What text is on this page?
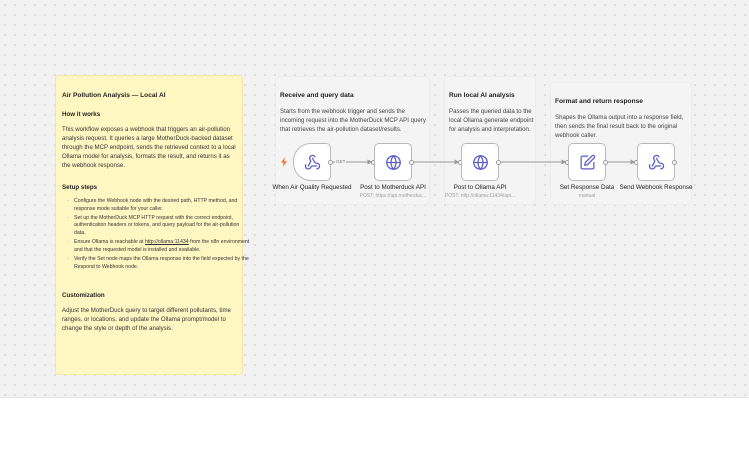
Air Pollution Analysis — Local AI
How it works

This workflow exposes a webhook that triggers an air-pollution analysis request. It queries a large MotherDuck-backed dataset through the MCP endpoint, sends the retrieved context to a local Ollama model for analysis, formats the result, and returns it as the webhook response.

Setup steps
◦ Configure the Webhook node with the desired path, HTTP method, and response mode suitable for your caller.
◦ Set up the MotherDuck MCP HTTP request with the correct endpoint, authentication headers or tokens, and query payload for the air-pollution data.
◦ Ensure Ollama is reachable at http://ollama:11434 from the n8n environment and that the requested model is installed and available.
◦ Verify the Set node maps the Ollama response into the field expected by the Respond to Webhook node.
Customization

Adjust the MotherDuck query to target different pollutants, time ranges, or locations, and update the Ollama prompt/model to change the style or depth of the analysis.

Receive and query data
Starts from the webhook trigger and sends the incoming request into the MotherDuck MCP API query that retrieves the air-pollution dataset/results.
Run local AI analysis
Passes the queried data to the local Ollama generate endpoint for analysis and interpretation.
Format and return response
Shapes the Ollama output into a response field, then sends the final result back to the original webhook caller.
GET
When Air Quality Requested	Post to Motherduck API
POST: https://api.motherduc...
Post to Ollama API
POST: http://ollama:11434/api...
Set Response Data
manual
Send Webhook Response
